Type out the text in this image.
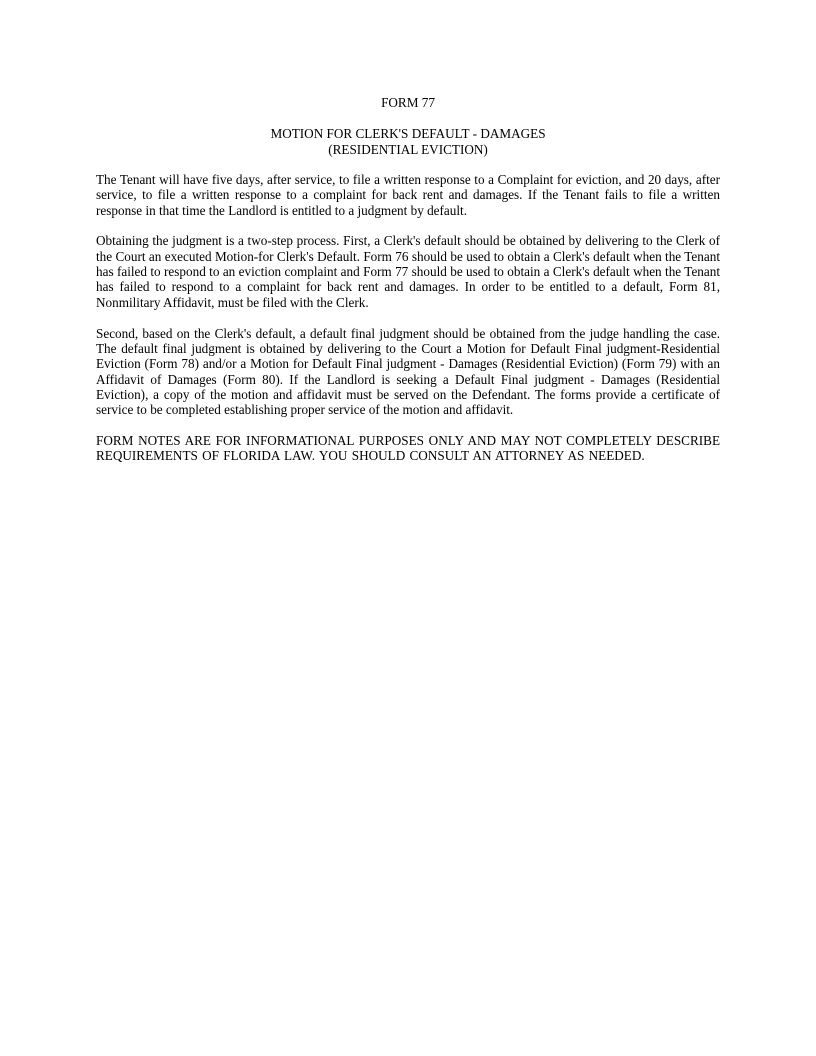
FORM 77

MOTION FOR CLERK'S DEFAULT - DAMAGES

(RESIDENTIAL EVICTION)

The Tenant will have five days, after service, to file a written response to a Complaint for eviction, and 20 days, after service, to file a written response to a complaint for back rent and damages. If the Tenant fails to file a written response in that time the Landlord is entitled to a judgment by default.

Obtaining the judgment is a two-step process. First, a Clerk's default should be obtained by delivering to the Clerk of the Court an executed Motion-for Clerk's Default. Form 76 should be used to obtain a Clerk's default when the Tenant has failed to respond to an eviction complaint and Form 77 should be used to obtain a Clerk's default when the Tenant has failed to respond to a complaint for back rent and damages. In order to be entitled to a default, Form 81, Nonmilitary Affidavit, must be filed with the Clerk.

Second, based on the Clerk's default, a default final judgment should be obtained from the judge handling the case. The default final judgment is obtained by delivering to the Court a Motion for Default Final judgment-Residential Eviction (Form 78) and/or a Motion for Default Final judgment - Damages (Residential Eviction) (Form 79) with an Affidavit of Damages (Form 80). If the Landlord is seeking a Default Final judgment - Damages (Residential Eviction), a copy of the motion and affidavit must be served on the Defendant. The forms provide a certificate of service to be completed establishing proper service of the motion and affidavit.

FORM NOTES ARE FOR INFORMATIONAL PURPOSES ONLY AND MAY NOT COMPLETELY DESCRIBE REQUIREMENTS OF FLORIDA LAW. YOU SHOULD CONSULT AN ATTORNEY AS NEEDED.
